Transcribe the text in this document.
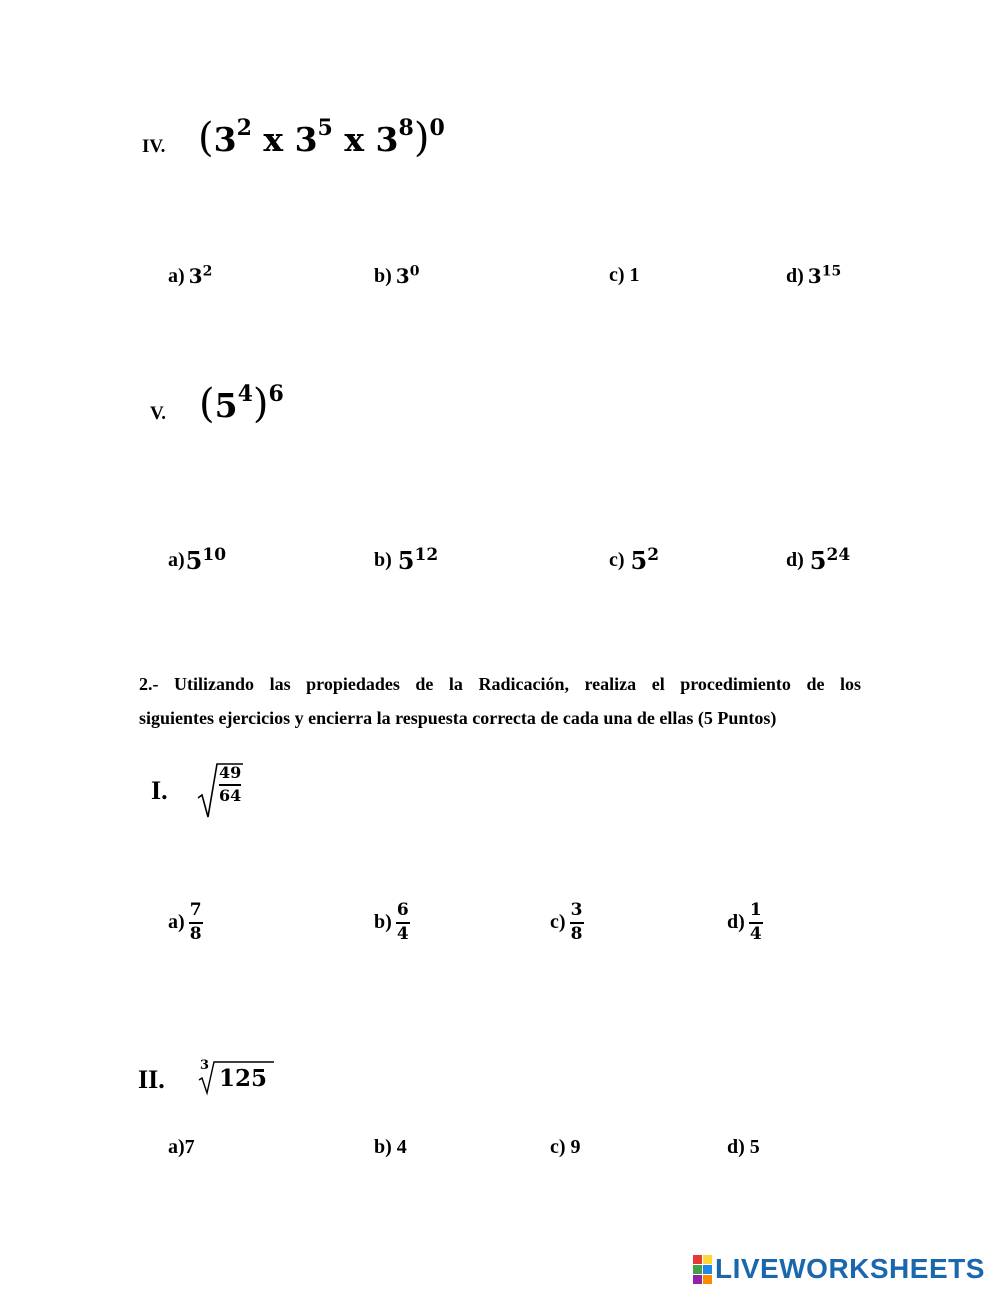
IV. ($3^2$ x $3^5$ x $3^8)^0$
a) $3^2$	b) $3^0$	c) 1	d) $3^{15}$
V. $(5^4)^6$
a) $5^{10}$	b) $5^{12}$	c) $5^2$	d) $5^{24}$
2.- Utilizando las propiedades de la Radicación, realiza el procedimiento de los
siguientes ejercicios y encierra la respuesta correcta de cada una de ellas (5 Puntos)
I.
49
64
$a) \frac{7}{8}$	$b) \frac{6}{4}$	$c) \frac{3}{8}$	$d) \frac{1}{4}$
II.	3 125
a) 7	b) 4	c) 9	d) 5
LIVEWORKSHEETS
